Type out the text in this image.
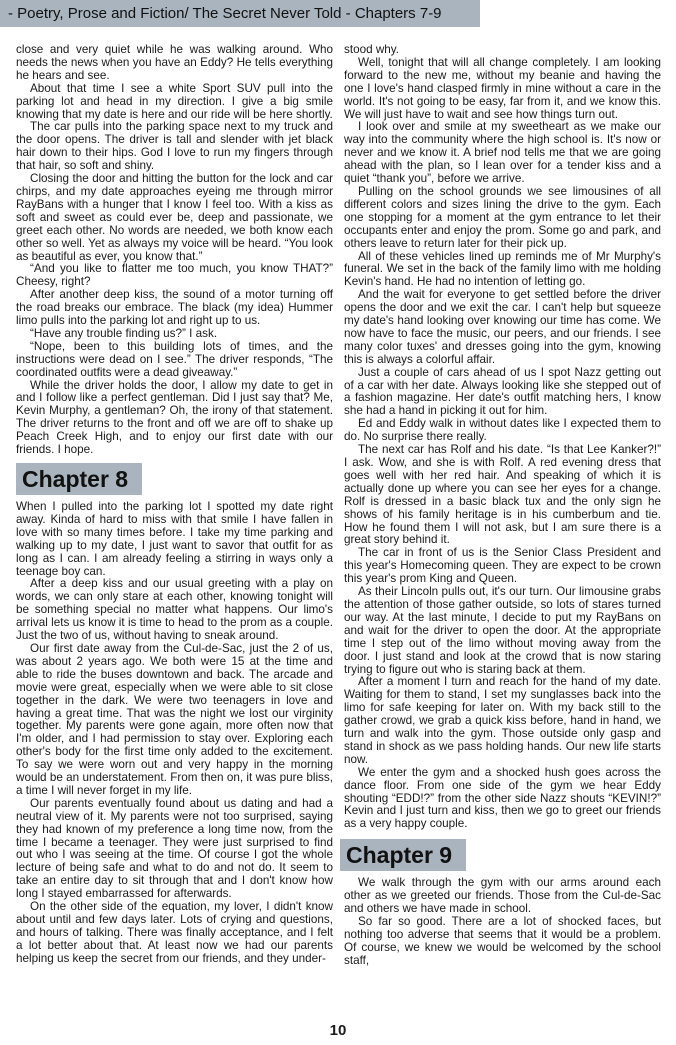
- Poetry, Prose and Fiction/ The Secret Never Told - Chapters 7-9

close and very quiet while he was walking around. Who needs the news when you have an Eddy? He tells everything he hears and see.

About that time I see a white Sport SUV pull into the parking lot and head in my direction. I give a big smile knowing that my date is here and our ride will be here shortly.

The car pulls into the parking space next to my truck and the door opens. The driver is tall and slender with jet black hair down to their hips. God I love to run my fingers through that hair, so soft and shiny.

Closing the door and hitting the button for the lock and car chirps, and my date approaches eyeing me through mirror RayBans with a hunger that I know I feel too. With a kiss as soft and sweet as could ever be, deep and passionate, we greet each other. No words are needed, we both know each other so well. Yet as always my voice will be heard. “You look as beautiful as ever, you know that.”

“And you like to flatter me too much, you know THAT?” Cheesy, right?

After another deep kiss, the sound of a motor turning off the road breaks our embrace. The black (my idea) Hummer limo pulls into the parking lot and right up to us.

“Have any trouble finding us?” I ask.

“Nope, been to this building lots of times, and the instructions were dead on I see.” The driver responds, “The coordinated outfits were a dead giveaway.”

While the driver holds the door, I allow my date to get in and I follow like a perfect gentleman. Did I just say that? Me, Kevin Murphy, a gentleman? Oh, the irony of that statement. The driver returns to the front and off we are off to shake up Peach Creek High, and to enjoy our first date with our friends. I hope.

Chapter 8

When I pulled into the parking lot I spotted my date right away. Kinda of hard to miss with that smile I have fallen in love with so many times before. I take my time parking and walking up to my date, I just want to savor that outfit for as long as I can. I am already feeling a stirring in ways only a teenage boy can.

After a deep kiss and our usual greeting with a play on words, we can only stare at each other, knowing tonight will be something special no matter what happens. Our limo's arrival lets us know it is time to head to the prom as a couple. Just the two of us, without having to sneak around.

Our first date away from the Cul-de-Sac, just the 2 of us, was about 2 years ago. We both were 15 at the time and able to ride the buses downtown and back. The arcade and movie were great, especially when we were able to sit close together in the dark. We were two teenagers in love and having a great time. That was the night we lost our virginity together. My parents were gone again, more often now that I'm older, and I had permission to stay over. Exploring each other's body for the first time only added to the excitement. To say we were worn out and very happy in the morning would be an understatement. From then on, it was pure bliss, a time I will never forget in my life.

Our parents eventually found about us dating and had a neutral view of it. My parents were not too surprised, saying they had known of my preference a long time now, from the time I became a teenager. They were just surprised to find out who I was seeing at the time. Of course I got the whole lecture of being safe and what to do and not do. It seem to take an entire day to sit through that and I don't know how long I stayed embarrassed for afterwards.

On the other side of the equation, my lover, I didn't know about until and few days later. Lots of crying and questions, and hours of talking. There was finally acceptance, and I felt a lot better about that. At least now we had our parents helping us keep the secret from our friends, and they under-

stood why.

Well, tonight that will all change completely. I am looking forward to the new me, without my beanie and having the one I love's hand clasped firmly in mine without a care in the world. It's not going to be easy, far from it, and we know this. We will just have to wait and see how things turn out.

I look over and smile at my sweetheart as we make our way into the community where the high school is. It's now or never and we know it. A brief nod tells me that we are going ahead with the plan, so I lean over for a tender kiss and a quiet “thank you”, before we arrive.

Pulling on the school grounds we see limousines of all different colors and sizes lining the drive to the gym. Each one stopping for a moment at the gym entrance to let their occupants enter and enjoy the prom. Some go and park, and others leave to return later for their pick up.

All of these vehicles lined up reminds me of Mr Murphy's funeral. We set in the back of the family limo with me holding Kevin's hand. He had no intention of letting go.

And the wait for everyone to get settled before the driver opens the door and we exit the car. I can't help but squeeze my date's hand looking over knowing our time has come. We now have to face the music, our peers, and our friends. I see many color tuxes' and dresses going into the gym, knowing this is always a colorful affair.

Just a couple of cars ahead of us I spot Nazz getting out of a car with her date. Always looking like she stepped out of a fashion magazine. Her date's outfit matching hers, I know she had a hand in picking it out for him.

Ed and Eddy walk in without dates like I expected them to do. No surprise there really.

The next car has Rolf and his date. “Is that Lee Kanker?!” I ask. Wow, and she is with Rolf. A red evening dress that goes well with her red hair. And speaking of which it is actually done up where you can see her eyes for a change. Rolf is dressed in a basic black tux and the only sign he shows of his family heritage is in his cumberbum and tie. How he found them I will not ask, but I am sure there is a great story behind it.

The car in front of us is the Senior Class President and this year's Homecoming queen. They are expect to be crown this year's prom King and Queen.

As their Lincoln pulls out, it's our turn. Our limousine grabs the attention of those gather outside, so lots of stares turned our way. At the last minute, I decide to put my RayBans on and wait for the driver to open the door. At the appropriate time I step out of the limo without moving away from the door. I just stand and look at the crowd that is now staring trying to figure out who is staring back at them.

After a moment I turn and reach for the hand of my date. Waiting for them to stand, I set my sunglasses back into the limo for safe keeping for later on. With my back still to the gather crowd, we grab a quick kiss before, hand in hand, we turn and walk into the gym. Those outside only gasp and stand in shock as we pass holding hands. Our new life starts now.

We enter the gym and a shocked hush goes across the dance floor. From one side of the gym we hear Eddy shouting “EDD!?” from the other side Nazz shouts “KEVIN!?” Kevin and I just turn and kiss, then we go to greet our friends as a very happy couple.

Chapter 9

We walk through the gym with our arms around each other as we greeted our friends. Those from the Cul-de-Sac and others we have made in school.

So far so good. There are a lot of shocked faces, but nothing too adverse that seems that it would be a problem. Of course, we knew we would be welcomed by the school staff,

10
